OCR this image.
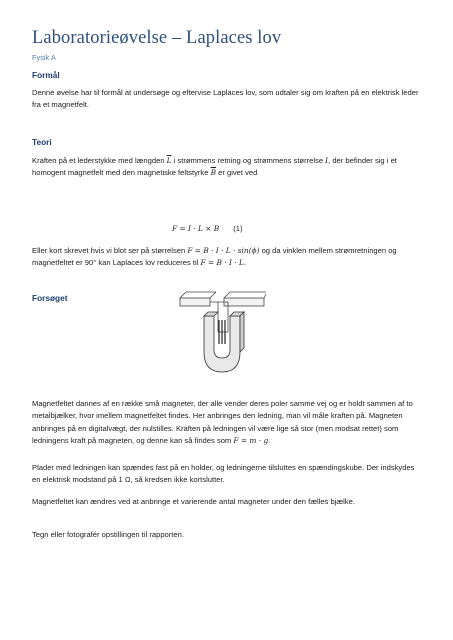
Laboratorieøvelse – Laplaces lov
Fysik A
Formål

Denne øvelse har til formål at undersøge og eftervise Laplaces lov, som udtaler sig om kraften på en elektrisk leder fra et magnetfelt.

Teori

Kraften på et lederstykke med længden $\overline{L}$ i strømmens retning og strømmens størrelse I, der befinder sig i et homogent magnetfelt med den magnetiske feltstyrke $\overline{B}$ er givet ved

F = I · L × B (1)

Eller kort skrevet hvis vi blot ser på størrelsen F = B · I · L · sin(ϕ) og da vinklen mellem strømretningen og magnetfeltet er 90° kan Laplaces lov reduceres til F = B · I · L.

Forsøget

Magnetfeltet dannes af en række små magneter, der alle vender deres poler samme vej og er holdt sammen af to metalbjælker, hvor imellem magnetfeltet findes. Her anbringes den ledning, man vil måle kraften på. Magneten anbringes på en digitalvægt, der nulstilles. Kraften på ledningen vil være lige så stor (men modsat rettet) som ledningens kraft på magneten, og denne kan så findes som F = m · g.

Plader med ledningen kan spændes fast på en holder, og ledningerne tilsluttes en spændingskube. Der indskydes en elektrisk modstand på 1 Ω, så kredsen ikke kortslutter.

Magnetfeltet kan ændres ved at anbringe et varierende antal magneter under den fælles bjælke.

Tegn eller fotografér opstillingen til rapporten.
